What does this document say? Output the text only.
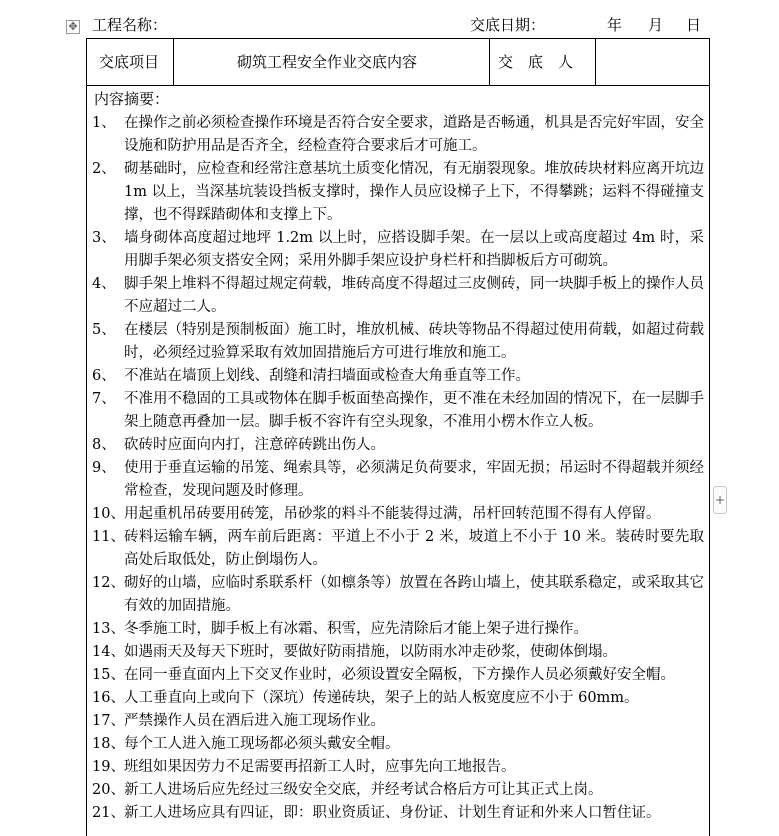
✥ 工程名称：	交底日期：	年 月 日
交底项目	砌筑工程安全作业交底内容	交　底　人
内容摘要：
1、 在操作之前必须检查操作环境是否符合安全要求，道路是否畅通，机具是否完好牢固，安全设施和防护用品是否齐全，经检查符合要求后才可施工。
2、 砌基础时，应检查和经常注意基坑土质变化情况，有无崩裂现象。堆放砖块材料应离开坑边 1m 以上，当深基坑装设挡板支撑时，操作人员应设梯子上下，不得攀跳；运料不得碰撞支撑，也不得踩踏砌体和支撑上下。
3、 墙身砌体高度超过地坪 1.2m 以上时，应搭设脚手架。在一层以上或高度超过 4m 时，采用脚手架必须支搭安全网；采用外脚手架应设护身栏杆和挡脚板后方可砌筑。
4、 脚手架上堆料不得超过规定荷载，堆砖高度不得超过三皮侧砖，同一块脚手板上的操作人员不应超过二人。
5、 在楼层（特别是预制板面）施工时，堆放机械、砖块等物品不得超过使用荷载，如超过荷载时，必须经过验算采取有效加固措施后方可进行堆放和施工。
6、 不准站在墙顶上划线、刮缝和清扫墙面或检查大角垂直等工作。
7、 不准用不稳固的工具或物体在脚手板面垫高操作，更不准在未经加固的情况下，在一层脚手架上随意再叠加一层。脚手板不容许有空头现象，不准用小楞木作立人板。
8、 砍砖时应面向内打，注意碎砖跳出伤人。
9、 使用于垂直运输的吊笼、绳索具等，必须满足负荷要求，牢固无损；吊运时不得超载并须经常检查，发现问题及时修理。
10、 用起重机吊砖要用砖笼，吊砂浆的料斗不能装得过满，吊杆回转范围不得有人停留。
11、 砖料运输车辆，两车前后距离：平道上不小于 2 米，坡道上不小于 10 米。装砖时要先取高处后取低处，防止倒塌伤人。
12、 砌好的山墙，应临时系联系杆（如檩条等）放置在各跨山墙上，使其联系稳定，或采取其它有效的加固措施。
13、 冬季施工时，脚手板上有冰霜、积雪，应先清除后才能上架子进行操作。
14、 如遇雨天及每天下班时，要做好防雨措施，以防雨水冲走砂浆，使砌体倒塌。
15、 在同一垂直面内上下交叉作业时，必须设置安全隔板，下方操作人员必须戴好安全帽。
16、 人工垂直向上或向下（深坑）传递砖块，架子上的站人板宽度应不小于 60mm。
17、 严禁操作人员在酒后进入施工现场作业。
18、 每个工人进入施工现场都必须头戴安全帽。
19、 班组如果因劳力不足需要再招新工人时，应事先向工地报告。
20、 新工人进场后应先经过三级安全交底，并经考试合格后方可让其正式上岗。
21、 新工人进场应具有四证，即：职业资质证、身份证、计划生育证和外来人口暂住证。
+
